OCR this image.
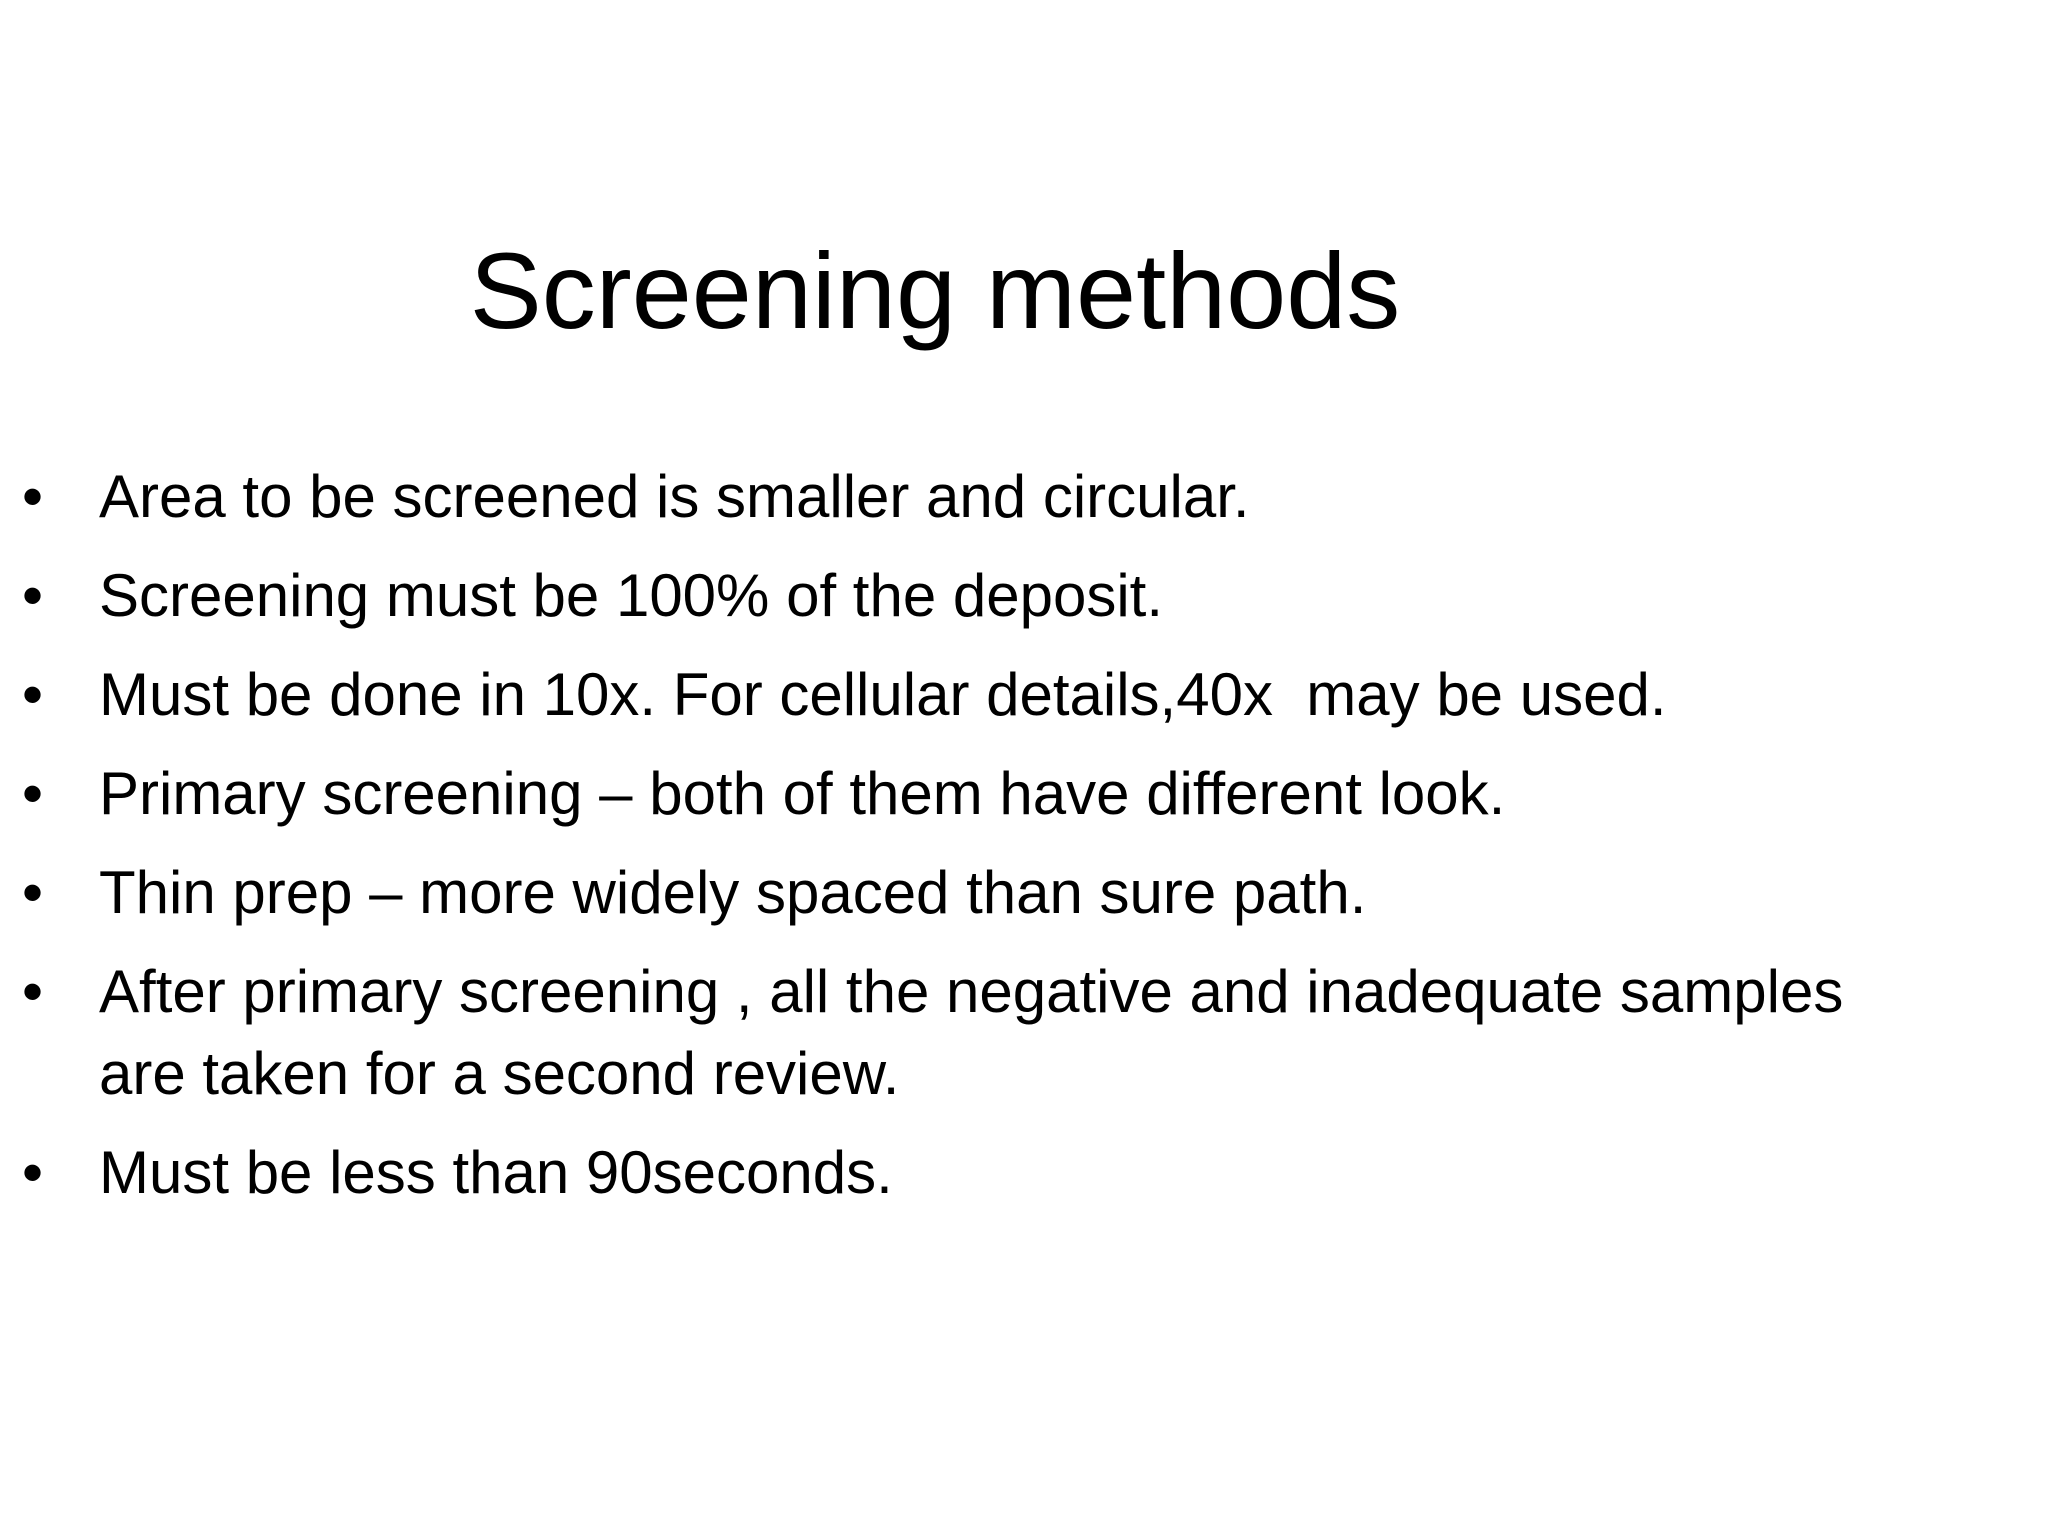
Screening methods
• Area to be screened is smaller and circular.
• Screening must be 100% of the deposit.
• Must be done in 10x. For cellular details,40x  may be used.
• Primary screening – both of them have different look.
• Thin prep – more widely spaced than sure path.
• After primary screening , all the negative and inadequate samples are taken for a second review.
• Must be less than 90seconds.
